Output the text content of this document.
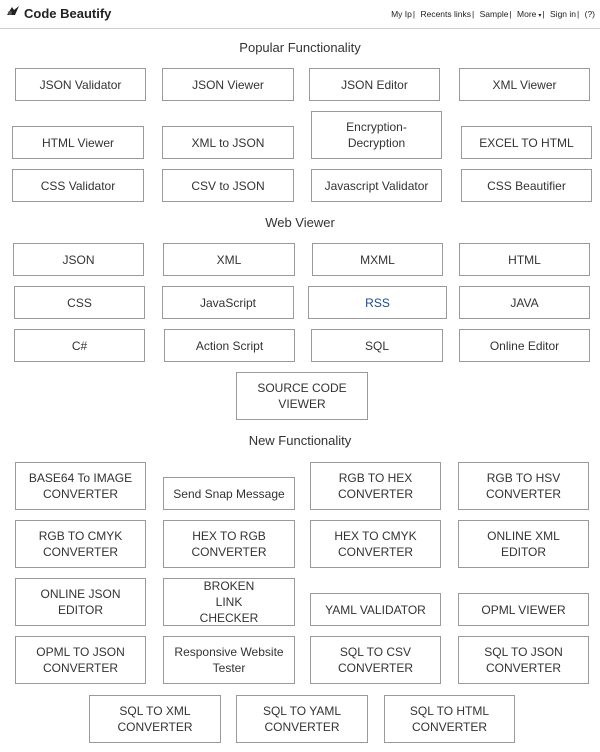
Code Beautify	My Ip| Recents links| Sample| More ▾| Sign in| (?)
Popular Functionality
JSON Validator	JSON Viewer	JSON Editor	XML Viewer
HTML Viewer	XML to JSON
Encryption-Decryption	EXCEL TO HTML
CSS Validator	CSV to JSON	Javascript Validator	CSS Beautifier
Web Viewer
JSON	XML	MXML	HTML
CSS	JavaScript	RSS	JAVA
C#	Action Script	SQL	Online Editor
SOURCE CODE VIEWER
New Functionality
BASE64 To IMAGE CONVERTER	Send Snap Message
RGB TO HEX CONVERTER
RGB TO HSV CONVERTER
RGB TO CMYK CONVERTER
HEX TO RGB CONVERTER
HEX TO CMYK CONVERTER
ONLINE XML EDITOR
ONLINE JSON EDITOR
BROKEN LINK CHECKER
YAML VALIDATOR	OPML VIEWER
OPML TO JSON CONVERTER
Responsive Website Tester
SQL TO CSV CONVERTER
SQL TO JSON CONVERTER
SQL TO XML CONVERTER
SQL TO YAML CONVERTER
SQL TO HTML CONVERTER
